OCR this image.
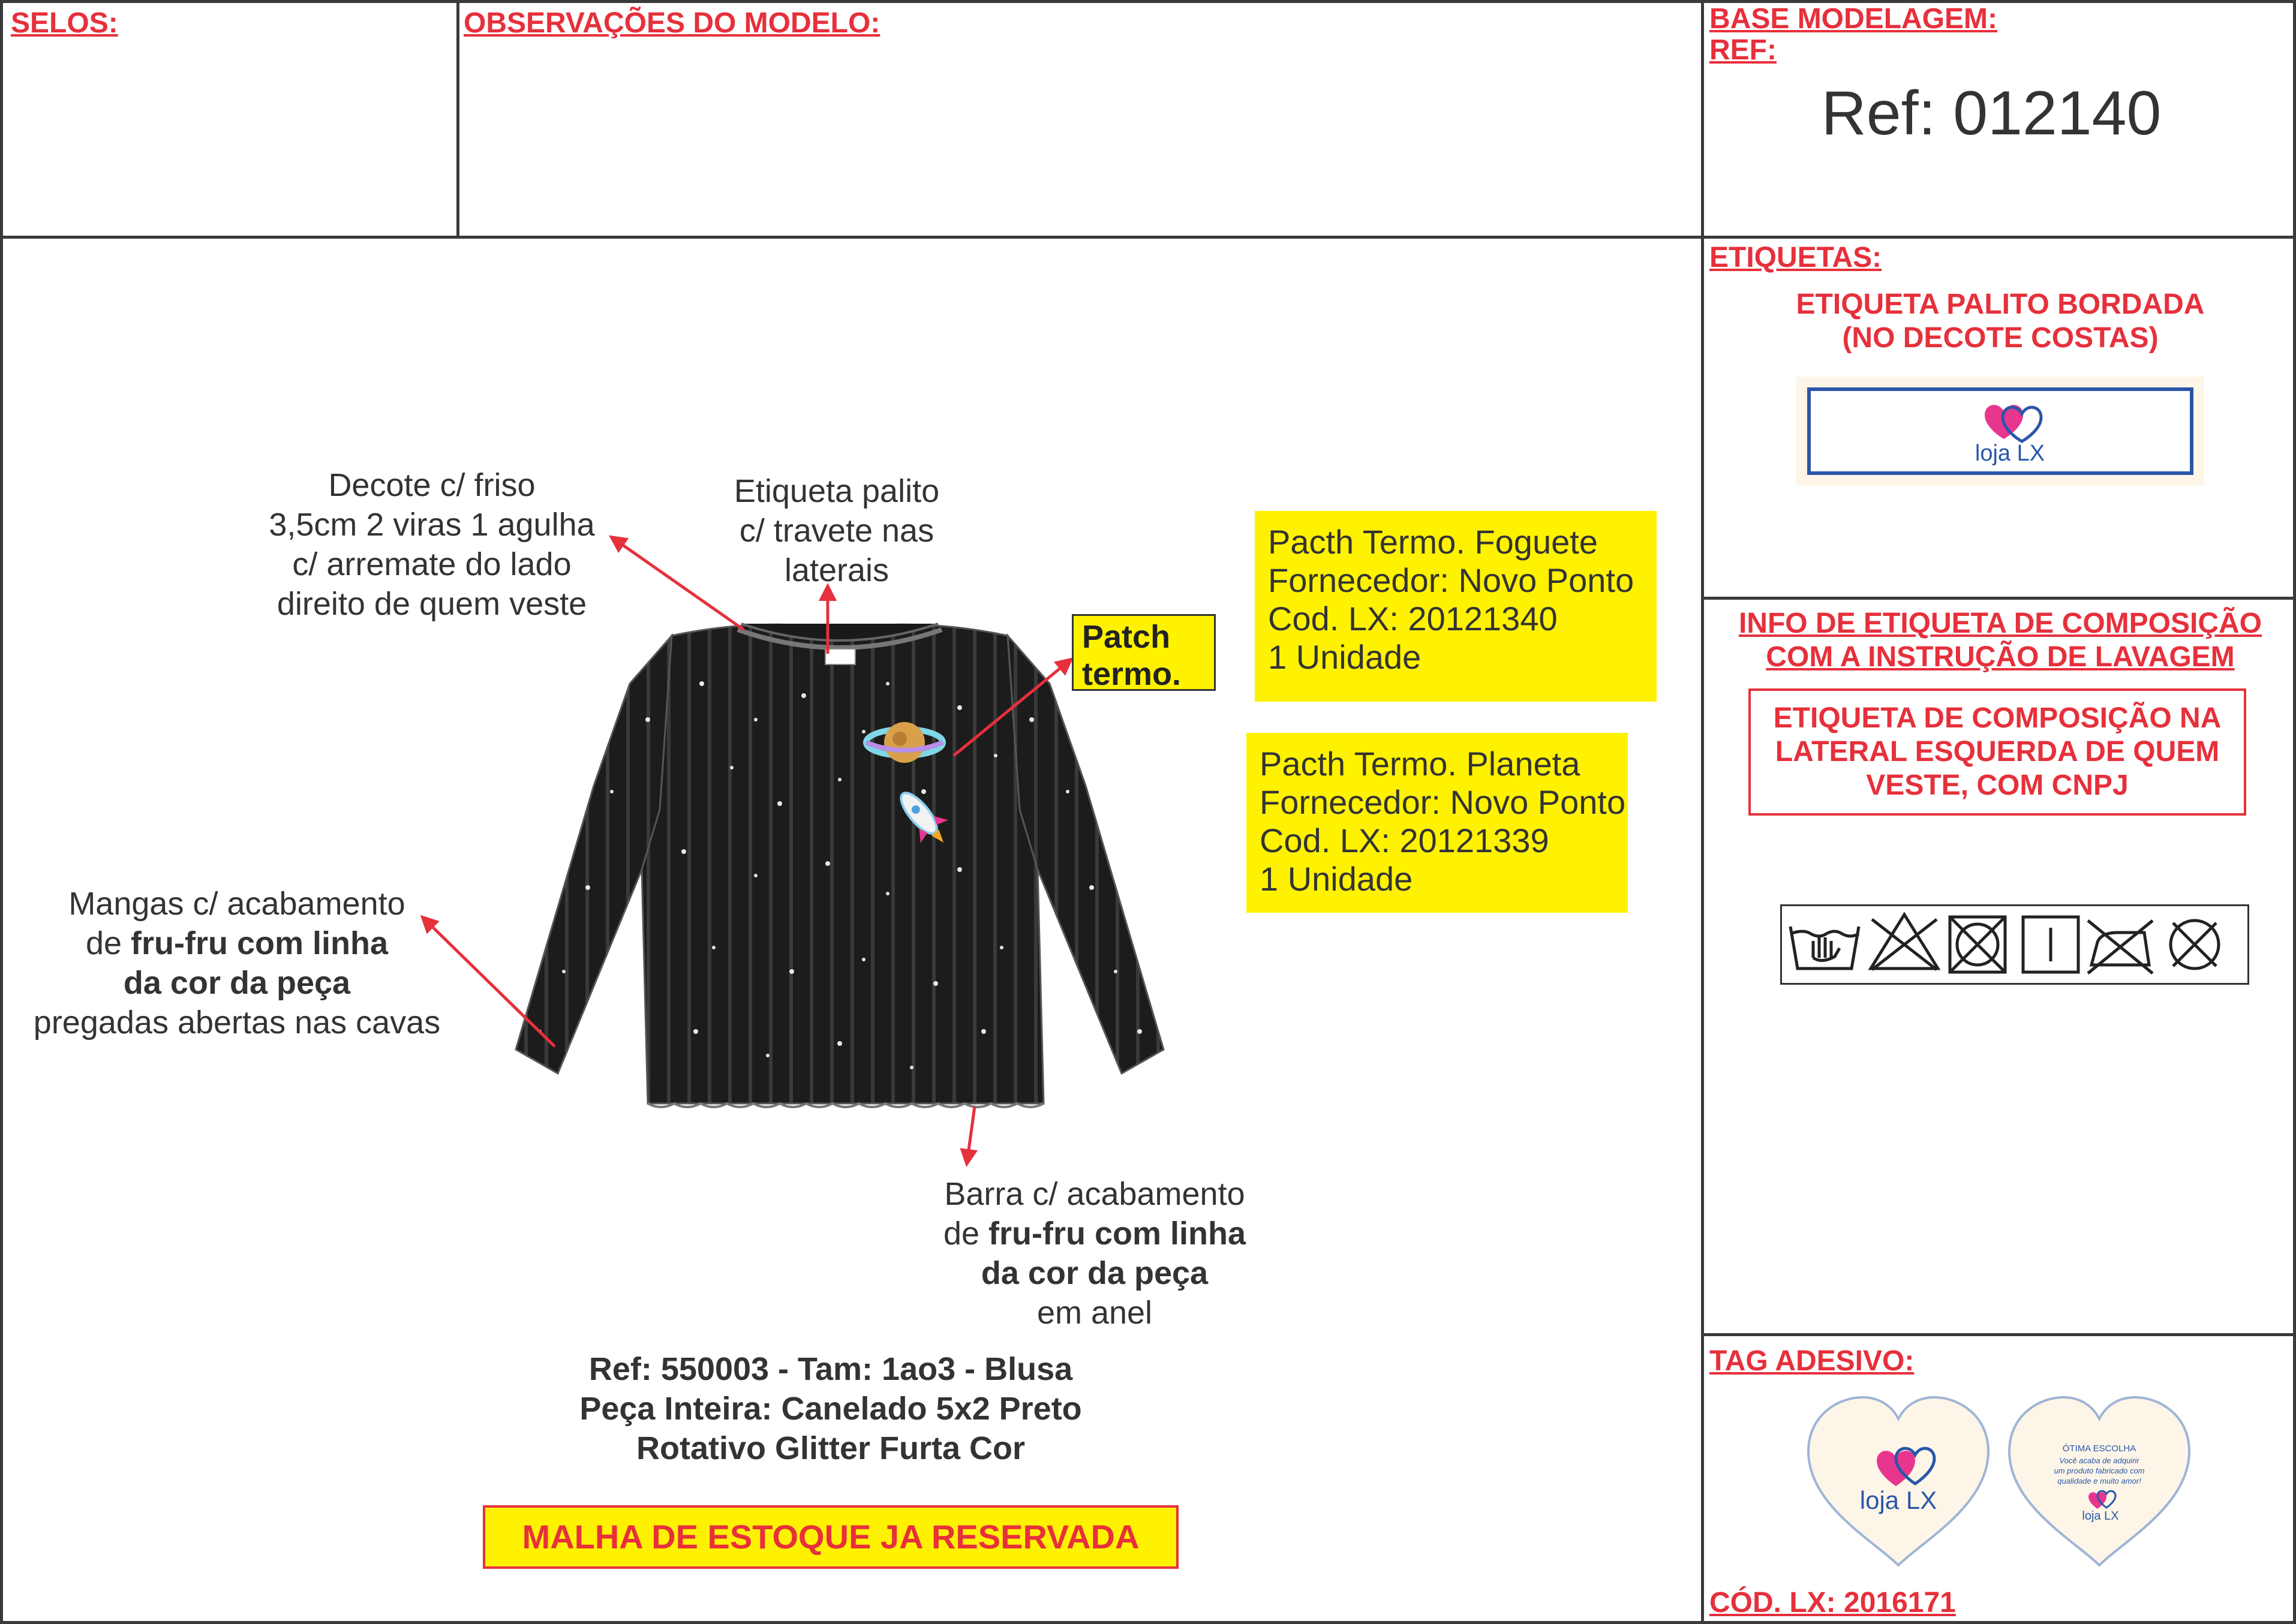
SELOS:	OBSERVAÇÕES DO MODELO:	BASE MODELAGEM:
REF:
Ref: 012140
ETIQUETAS:
ETIQUETA PALITO BORDADA
(NO DECOTE COSTAS)
loja LX
INFO DE ETIQUETA DE COMPOSIÇÃO
COM A INSTRUÇÃO DE LAVAGEM
ETIQUETA DE COMPOSIÇÃO NA
LATERAL ESQUERDA DE QUEM
VESTE, COM CNPJ
TAG ADESIVO:
loja LX
ÓTIMA ESCOLHA
Você acaba de adquirir
um produto fabricado com
qualidade e muito amor!
loja LX
CÓD. LX: 2016171
Decote c/ friso
3,5cm 2 viras 1 agulha
c/ arremate do lado
direito de quem veste
Etiqueta palito
c/ travete nas
laterais
Mangas c/ acabamento
de fru-fru com linha
da cor da peça
pregadas abertas nas cavas
Barra c/ acabamento
de fru-fru com linha
da cor da peça
em anel
Patch
termo.
Pacth Termo. Foguete
Fornecedor: Novo Ponto
Cod. LX: 20121340
1 Unidade
Pacth Termo. Planeta
Fornecedor: Novo Ponto
Cod. LX: 20121339
1 Unidade
Ref: 550003 - Tam: 1ao3 - Blusa
Peça Inteira: Canelado 5x2 Preto
Rotativo Glitter Furta Cor
MALHA DE ESTOQUE JA RESERVADA
